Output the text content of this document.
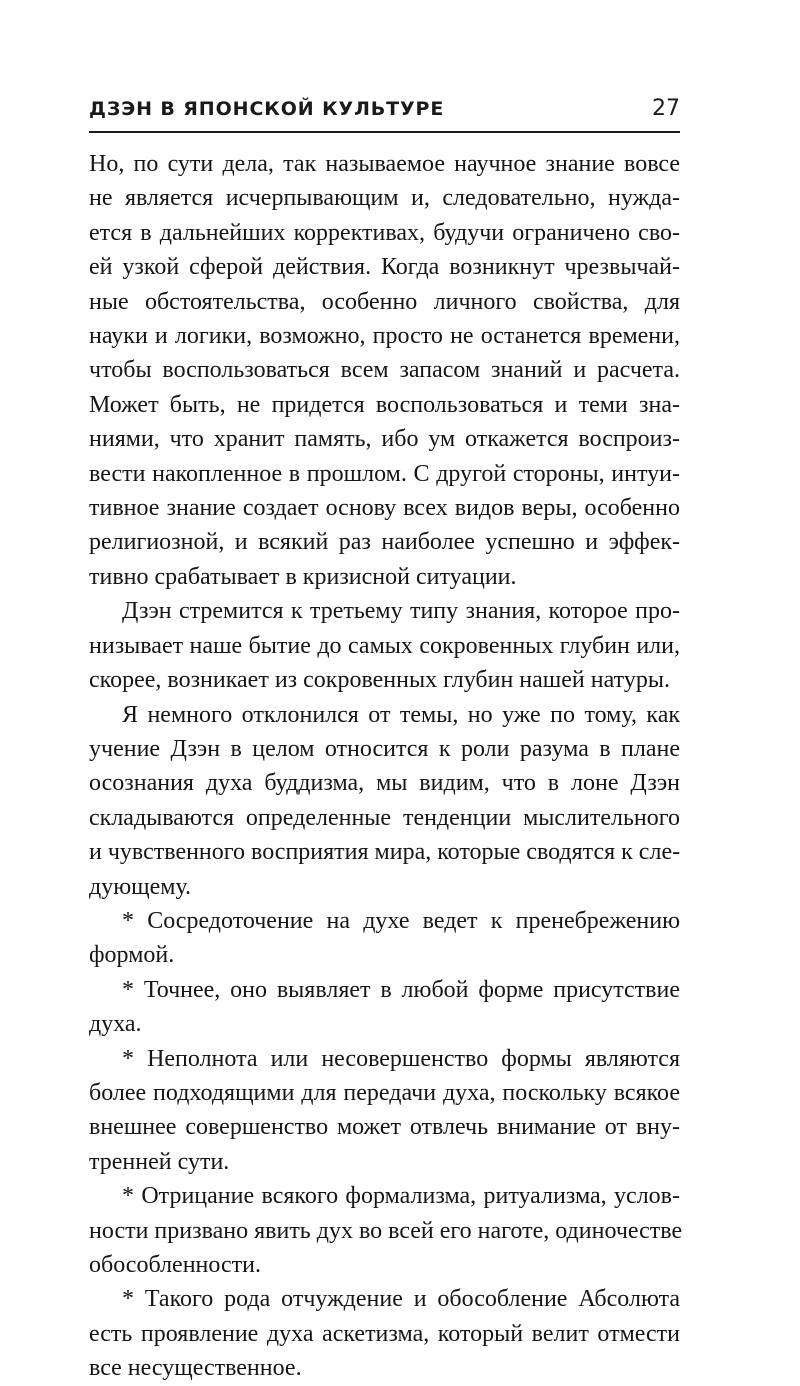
ДЗЭН В ЯПОНСКОЙ КУЛЬТУРЕ	27
Но, по сути дела, так называемое научное знание вовсе
не является исчерпывающим и, следовательно, нужда-
ется в дальнейших коррективах, будучи ограничено сво-
ей узкой сферой действия. Когда возникнут чрезвычай-
ные обстоятельства, особенно личного свойства, для
науки и логики, возможно, просто не останется времени,
чтобы воспользоваться всем запасом знаний и расчета.
Может быть, не придется воспользоваться и теми зна-
ниями, что хранит память, ибо ум откажется воспроиз-
вести накопленное в прошлом. С другой стороны, интуи-
тивное знание создает основу всех видов веры, особенно
религиозной, и всякий раз наиболее успешно и эффек-
тивно срабатывает в кризисной ситуации.
Дзэн стремится к третьему типу знания, которое про-
низывает наше бытие до самых сокровенных глубин или,
скорее, возникает из сокровенных глубин нашей натуры.
Я немного отклонился от темы, но уже по тому, как
учение Дзэн в целом относится к роли разума в плане
осознания духа буддизма, мы видим, что в лоне Дзэн
складываются определенные тенденции мыслительного
и чувственного восприятия мира, которые сводятся к сле-
дующему.
* Сосредоточение на духе ведет к пренебрежению
формой.
* Точнее, оно выявляет в любой форме присутствие
духа.
* Неполнота или несовершенство формы являются
более подходящими для передачи духа, поскольку всякое
внешнее совершенство может отвлечь внимание от вну-
тренней сути.
* Отрицание всякого формализма, ритуализма, услов-
ности призвано явить дух во всей его наготе, одиночестве
обособленности.
* Такого рода отчуждение и обособление Абсолюта
есть проявление духа аскетизма, который велит отмести
все несущественное.
